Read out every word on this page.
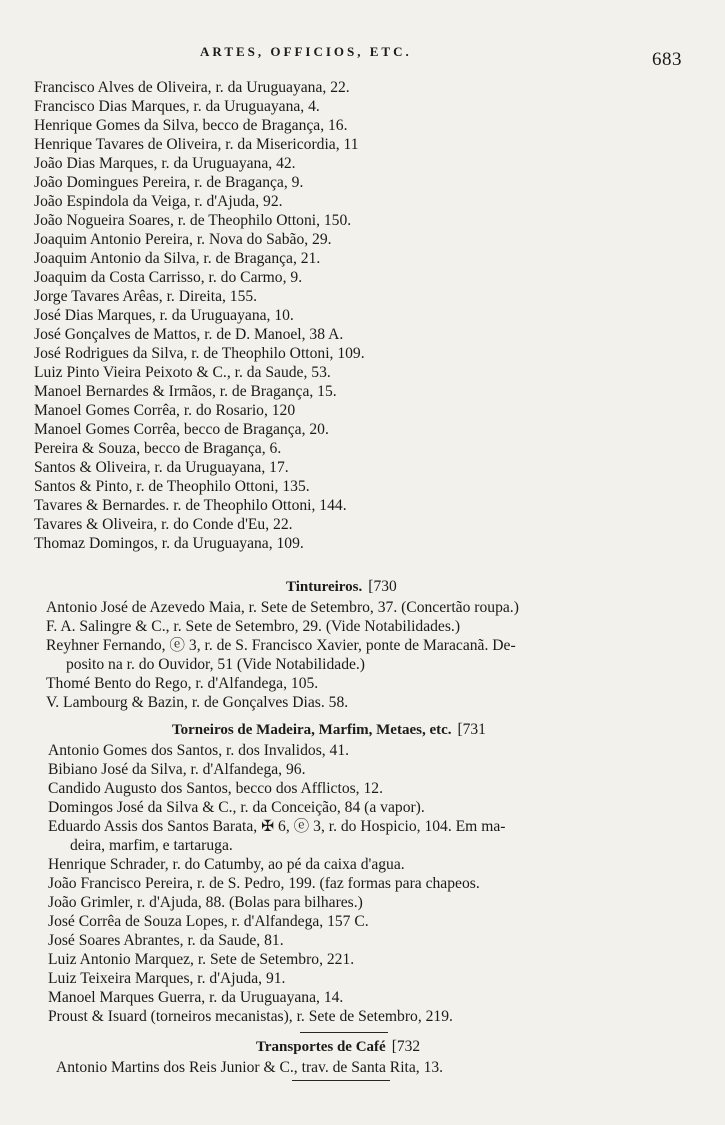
ARTES, OFFICIOS, ETC.	683
Francisco Alves de Oliveira, r. da Uruguayana, 22.
Francisco Dias Marques, r. da Uruguayana, 4.
Henrique Gomes da Silva, becco de Bragança, 16.
Henrique Tavares de Oliveira, r. da Misericordia, 11
João Dias Marques, r. da Uruguayana, 42.
João Domingues Pereira, r. de Bragança, 9.
João Espindola da Veiga, r. d'Ajuda, 92.
João Nogueira Soares, r. de Theophilo Ottoni, 150.
Joaquim Antonio Pereira, r. Nova do Sabão, 29.
Joaquim Antonio da Silva, r. de Bragança, 21.
Joaquim da Costa Carrisso, r. do Carmo, 9.
Jorge Tavares Arêas, r. Direita, 155.
José Dias Marques, r. da Uruguayana, 10.
José Gonçalves de Mattos, r. de D. Manoel, 38 A.
José Rodrigues da Silva, r. de Theophilo Ottoni, 109.
Luiz Pinto Vieira Peixoto & C., r. da Saude, 53.
Manoel Bernardes & Irmãos, r. de Bragança, 15.
Manoel Gomes Corrêa, r. do Rosario, 120
Manoel Gomes Corrêa, becco de Bragança, 20.
Pereira & Souza, becco de Bragança, 6.
Santos & Oliveira, r. da Uruguayana, 17.
Santos & Pinto, r. de Theophilo Ottoni, 135.
Tavares & Bernardes. r. de Theophilo Ottoni, 144.
Tavares & Oliveira, r. do Conde d'Eu, 22.
Thomaz Domingos, r. da Uruguayana, 109.
Tintureiros. [730
Antonio José de Azevedo Maia, r. Sete de Setembro, 37. (Concertão roupa.)
F. A. Salingre & C., r. Sete de Setembro, 29. (Vide Notabilidades.)
Reyhner Fernando, ⓔ 3, r. de S. Francisco Xavier, ponte de Maracanã. De-
posito na r. do Ouvidor, 51 (Vide Notabilidade.)
Thomé Bento do Rego, r. d'Alfandega, 105.
V. Lambourg & Bazin, r. de Gonçalves Dias. 58.
Torneiros de Madeira, Marfim, Metaes, etc. [731
Antonio Gomes dos Santos, r. dos Invalidos, 41.
Bibiano José da Silva, r. d'Alfandega, 96.
Candido Augusto dos Santos, becco dos Afflictos, 12.
Domingos José da Silva & C., r. da Conceição, 84 (a vapor).
Eduardo Assis dos Santos Barata, ✠ 6, ⓔ 3, r. do Hospicio, 104. Em ma-
deira, marfim, e tartaruga.
Henrique Schrader, r. do Catumby, ao pé da caixa d'agua.
João Francisco Pereira, r. de S. Pedro, 199. (faz formas para chapeos.
João Grimler, r. d'Ajuda, 88. (Bolas para bilhares.)
José Corrêa de Souza Lopes, r. d'Alfandega, 157 C.
José Soares Abrantes, r. da Saude, 81.
Luiz Antonio Marquez, r. Sete de Setembro, 221.
Luiz Teixeira Marques, r. d'Ajuda, 91.
Manoel Marques Guerra, r. da Uruguayana, 14.
Proust & Isuard (torneiros mecanistas), r. Sete de Setembro, 219.
Transportes de Café [732
Antonio Martins dos Reis Junior & C., trav. de Santa Rita, 13.
